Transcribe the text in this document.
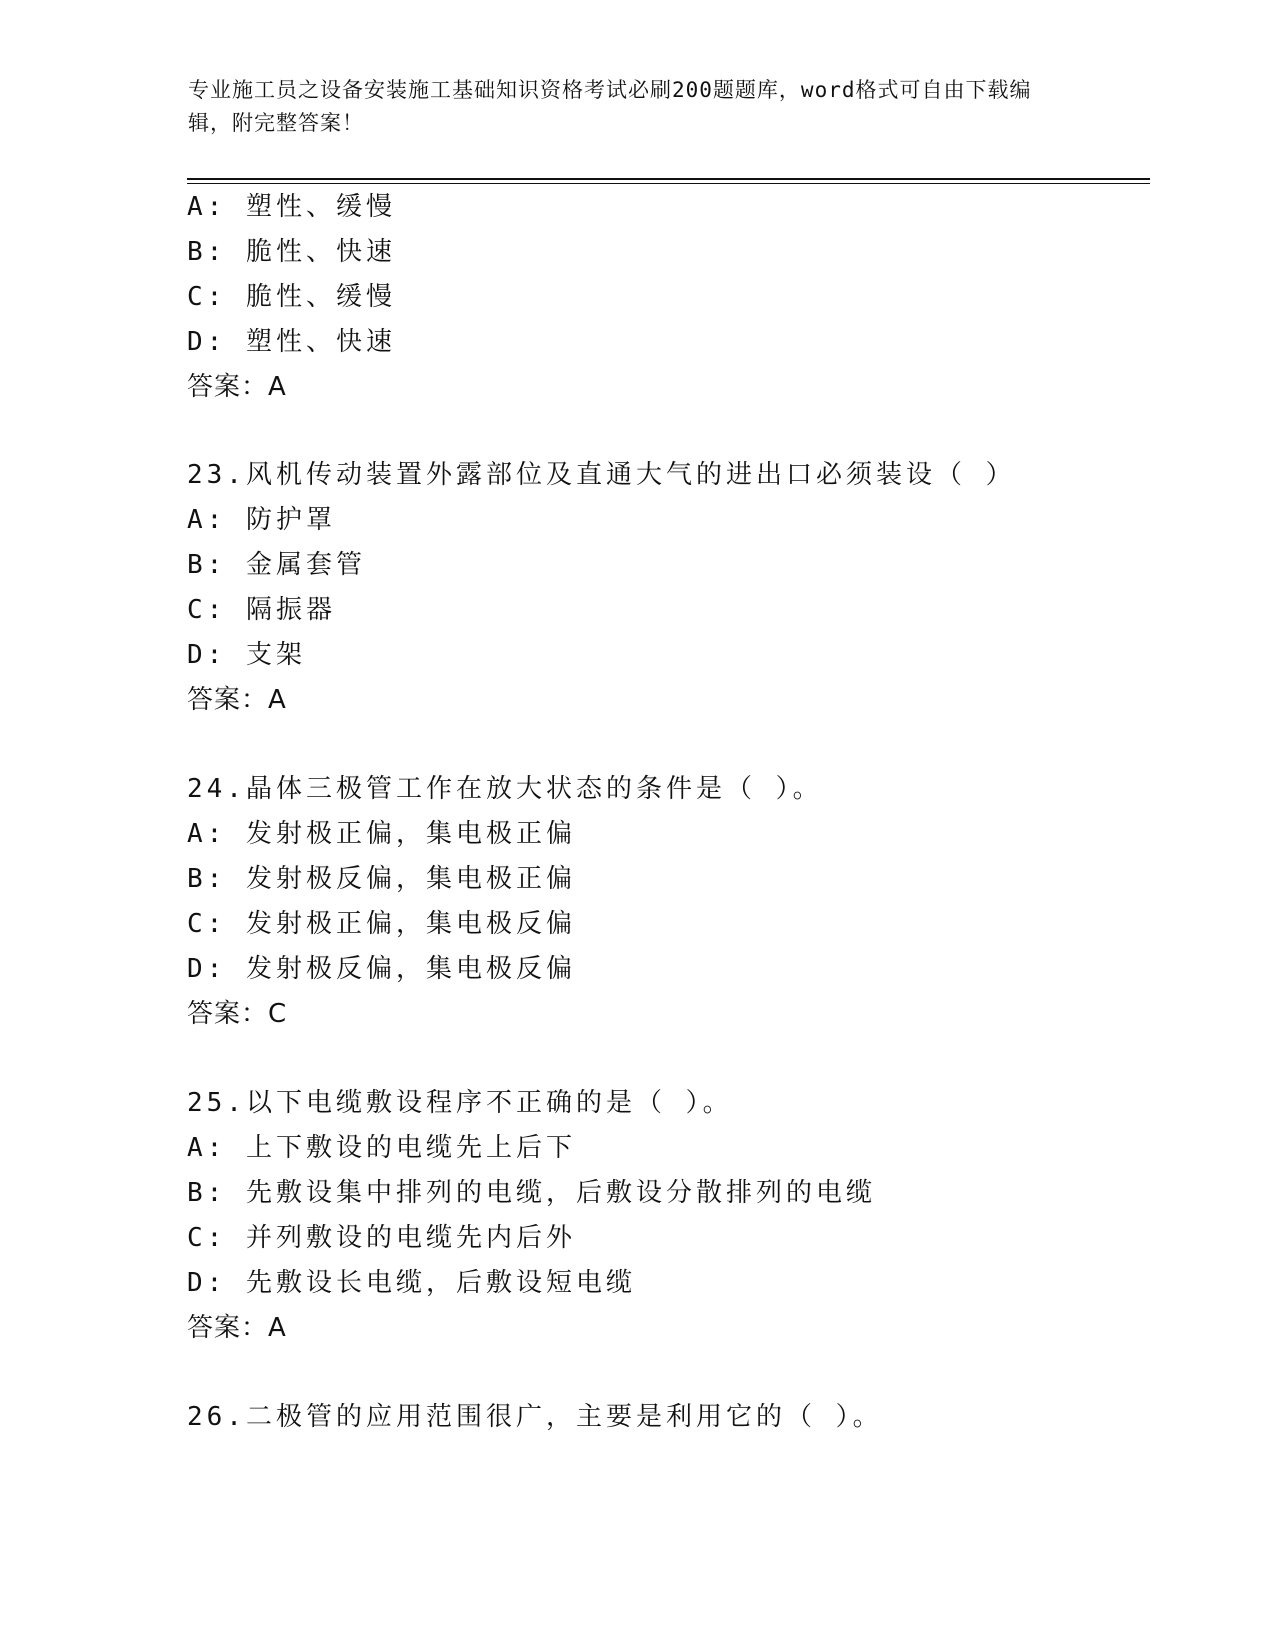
专业施工员之设备安装施工基础知识资格考试必刷200题题库，word格式可自由下载编辑，附完整答案！
A: 塑性、缓慢
B: 脆性、快速
C: 脆性、缓慢
D: 塑性、快速
答案：A
23.风机传动装置外露部位及直通大气的进出口必须装设（ ）
A: 防护罩
B: 金属套管
C: 隔振器
D: 支架
答案：A
24.晶体三极管工作在放大状态的条件是（ ）。
A: 发射极正偏，集电极正偏
B: 发射极反偏，集电极正偏
C: 发射极正偏，集电极反偏
D: 发射极反偏，集电极反偏
答案：C
25.以下电缆敷设程序不正确的是（ ）。
A: 上下敷设的电缆先上后下
B: 先敷设集中排列的电缆，后敷设分散排列的电缆
C: 并列敷设的电缆先内后外
D: 先敷设长电缆，后敷设短电缆
答案：A
26.二极管的应用范围很广，主要是利用它的（ ）。
